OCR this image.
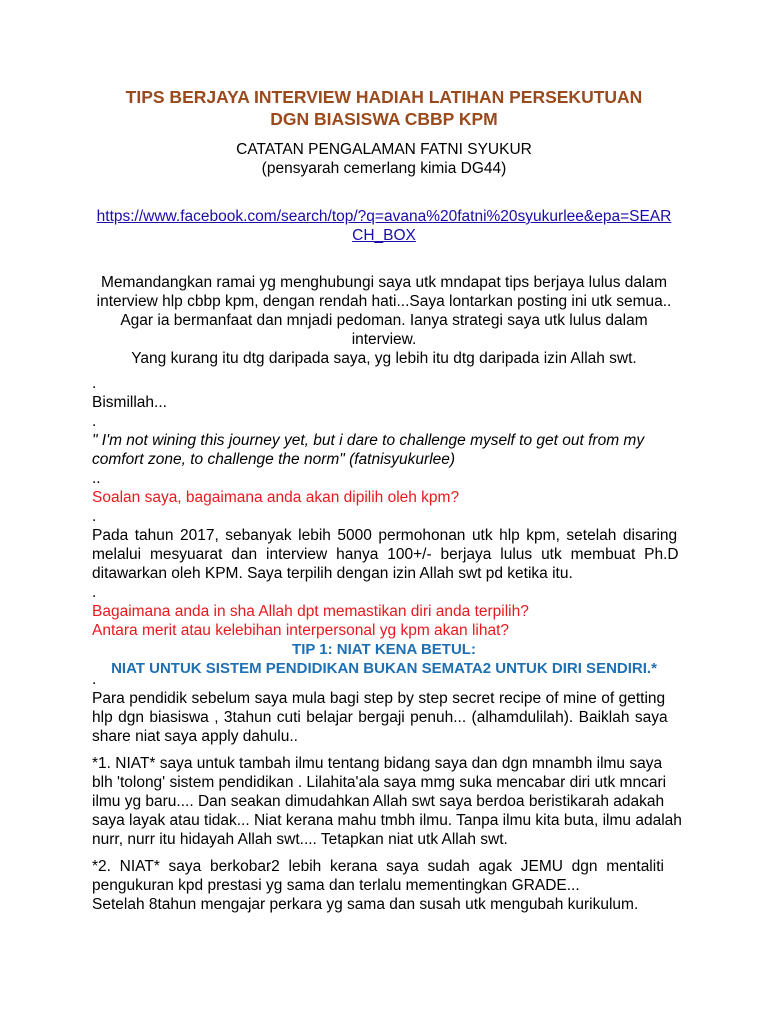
TIPS BERJAYA INTERVIEW HADIAH LATIHAN PERSEKUTUAN
DGN BIASISWA CBBP KPM
CATATAN PENGALAMAN FATNI SYUKUR
(pensyarah cemerlang kimia DG44)
https://www.facebook.com/search/top/?q=avana%20fatni%20syukurlee&epa=SEAR
CH_BOX
Memandangkan ramai yg menghubungi saya utk mndapat tips berjaya lulus dalam
interview hlp cbbp kpm, dengan rendah hati...Saya lontarkan posting ini utk semua..
Agar ia bermanfaat dan mnjadi pedoman. Ianya strategi saya utk lulus dalam
interview.
Yang kurang itu dtg daripada saya, yg lebih itu dtg daripada izin Allah swt.
.
Bismillah...
.
" I'm not wining this journey yet, but i dare to challenge myself to get out from my
comfort zone, to challenge the norm" (fatnisyukurlee)
..
Soalan saya, bagaimana anda akan dipilih oleh kpm?
.
Pada tahun 2017, sebanyak lebih 5000 permohonan utk hlp kpm, setelah disaring
melalui mesyuarat dan interview hanya 100+/- berjaya lulus utk membuat Ph.D
ditawarkan oleh KPM. Saya terpilih dengan izin Allah swt pd ketika itu.
.
Bagaimana anda in sha Allah dpt memastikan diri anda terpilih?
Antara merit atau kelebihan interpersonal yg kpm akan lihat?
TIP 1: NIAT KENA BETUL:
NIAT UNTUK SISTEM PENDIDIKAN BUKAN SEMATA2 UNTUK DIRI SENDIRI.*
.
Para pendidik sebelum saya mula bagi step by step secret recipe of mine of getting
hlp dgn biasiswa , 3tahun cuti belajar bergaji penuh... (alhamdulilah). Baiklah saya
share niat saya apply dahulu..
*1. NIAT* saya untuk tambah ilmu tentang bidang saya dan dgn mnambh ilmu saya
blh 'tolong' sistem pendidikan . Lilahita'ala saya mmg suka mencabar diri utk mncari
ilmu yg baru.... Dan seakan dimudahkan Allah swt saya berdoa beristikarah adakah
saya layak atau tidak... Niat kerana mahu tmbh ilmu. Tanpa ilmu kita buta, ilmu adalah
nurr, nurr itu hidayah Allah swt.... Tetapkan niat utk Allah swt.
*2. NIAT* saya berkobar2 lebih kerana saya sudah agak JEMU dgn mentaliti
pengukuran kpd prestasi yg sama dan terlalu mementingkan GRADE...
Setelah 8tahun mengajar perkara yg sama dan susah utk mengubah kurikulum.
